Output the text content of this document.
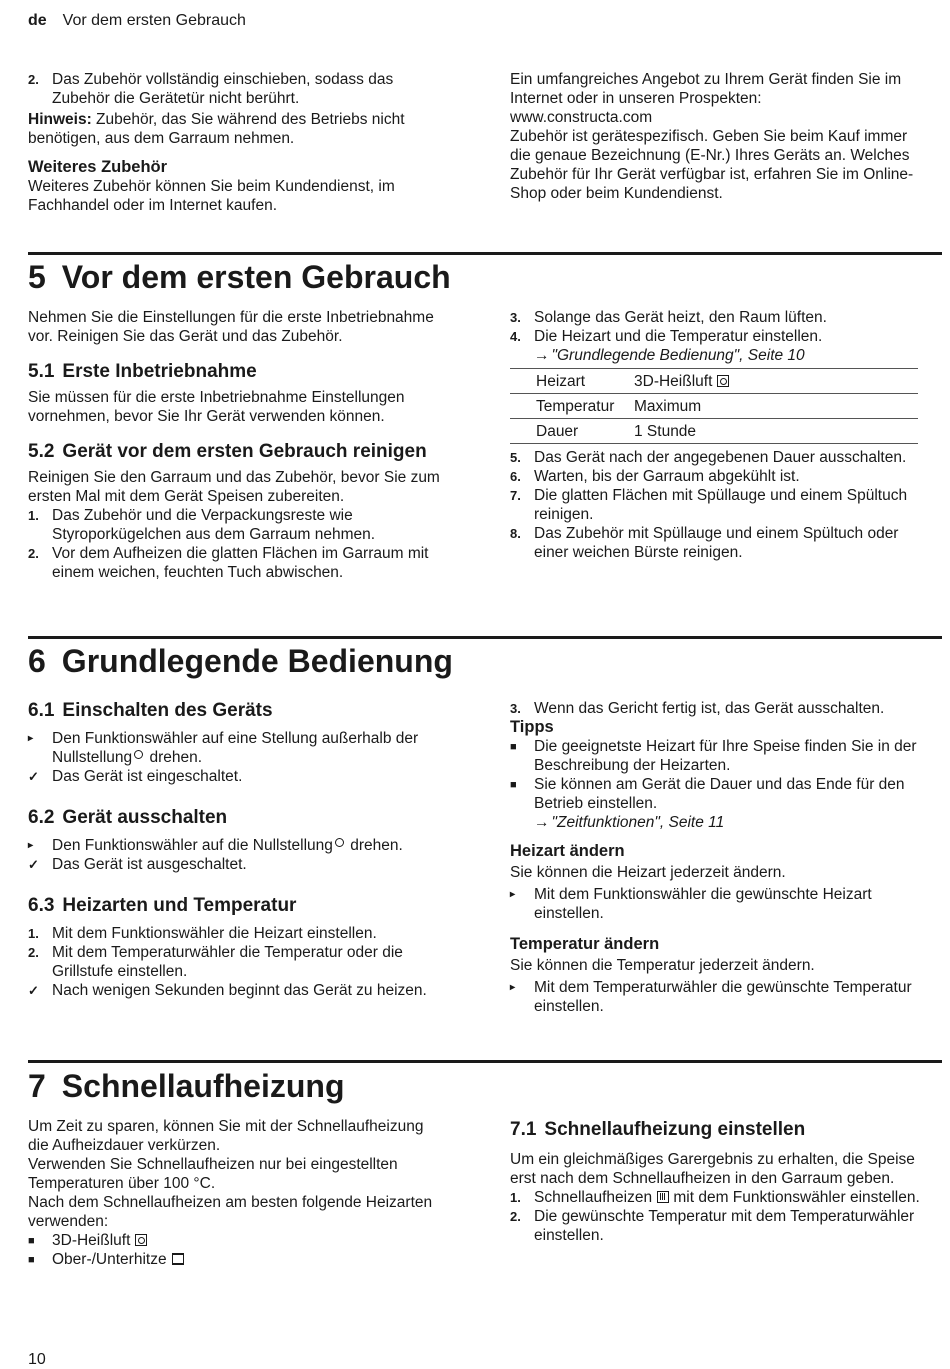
de Vor dem ersten Gebrauch
2. Das Zubehör vollständig einschieben, sodass das Zubehör die Gerätetür nicht berührt.

Hinweis: Zubehör, das Sie während des Betriebs nicht benötigen, aus dem Garraum nehmen.

Weiteres Zubehör

Weiteres Zubehör können Sie beim Kundendienst, im Fachhandel oder im Internet kaufen.

Ein umfangreiches Angebot zu Ihrem Gerät finden Sie im Internet oder in unseren Prospekten:

www.constructa.com

Zubehör ist gerätespezifisch. Geben Sie beim Kauf immer die genaue Bezeichnung (E-Nr.) Ihres Geräts an. Welches Zubehör für Ihr Gerät verfügbar ist, erfahren Sie im Online-Shop oder beim Kundendienst.

5 Vor dem ersten Gebrauch

Nehmen Sie die Einstellungen für die erste Inbetriebnahme vor. Reinigen Sie das Gerät und das Zubehör.

5.1 Erste Inbetriebnahme

Sie müssen für die erste Inbetriebnahme Einstellungen vornehmen, bevor Sie Ihr Gerät verwenden können.

5.2 Gerät vor dem ersten Gebrauch reinigen

Reinigen Sie den Garraum und das Zubehör, bevor Sie zum ersten Mal mit dem Gerät Speisen zubereiten.

1. Das Zubehör und die Verpackungsreste wie Styroporkügelchen aus dem Garraum nehmen.
2. Vor dem Aufheizen die glatten Flächen im Garraum mit einem weichen, feuchten Tuch abwischen.
3. Solange das Gerät heizt, den Raum lüften.
4. Die Heizart und die Temperatur einstellen.

→ "Grundlegende Bedienung", Seite 10

Heizart	3D-Heißluft
Temperatur	Maximum
Dauer	1 Stunde
5. Das Gerät nach der angegebenen Dauer ausschalten.
6. Warten, bis der Garraum abgekühlt ist.
7. Die glatten Flächen mit Spüllauge und einem Spültuch reinigen.
8. Das Zubehör mit Spüllauge und einem Spültuch oder einer weichen Bürste reinigen.
6 Grundlegende Bedienung

6.1 Einschalten des Geräts

▸ Den Funktionswähler auf eine Stellung außerhalb der Nullstellung drehen.
✓ Das Gerät ist eingeschaltet.

6.2 Gerät ausschalten

▸ Den Funktionswähler auf die Nullstellung drehen.
✓ Das Gerät ist ausgeschaltet.

6.3 Heizarten und Temperatur

1. Mit dem Funktionswähler die Heizart einstellen.
2. Mit dem Temperaturwähler die Temperatur oder die Grillstufe einstellen.
✓ Nach wenigen Sekunden beginnt das Gerät zu heizen.
3. Wenn das Gericht fertig ist, das Gerät ausschalten.

Tipps

■ Die geeignetste Heizart für Ihre Speise finden Sie in der Beschreibung der Heizarten.
■ Sie können am Gerät die Dauer und das Ende für den Betrieb einstellen.

→ "Zeitfunktionen", Seite 11

Heizart ändern

Sie können die Heizart jederzeit ändern.

▸ Mit dem Funktionswähler die gewünschte Heizart einstellen.

Temperatur ändern

Sie können die Temperatur jederzeit ändern.

▸ Mit dem Temperaturwähler die gewünschte Temperatur einstellen.
7 Schnellaufheizung

Um Zeit zu sparen, können Sie mit der Schnellaufheizung die Aufheizdauer verkürzen.

Verwenden Sie Schnellaufheizen nur bei eingestellten Temperaturen über 100 °C.

Nach dem Schnellaufheizen am besten folgende Heizarten verwenden:

■ 3D-Heißluft
■ Ober-/Unterhitze

7.1 Schnellaufheizung einstellen

Um ein gleichmäßiges Garergebnis zu erhalten, die Speise erst nach dem Schnellaufheizen in den Garraum geben.

1. Schnellaufheizen mit dem Funktionswähler einstellen.
2. Die gewünschte Temperatur mit dem Temperaturwähler einstellen.
10
